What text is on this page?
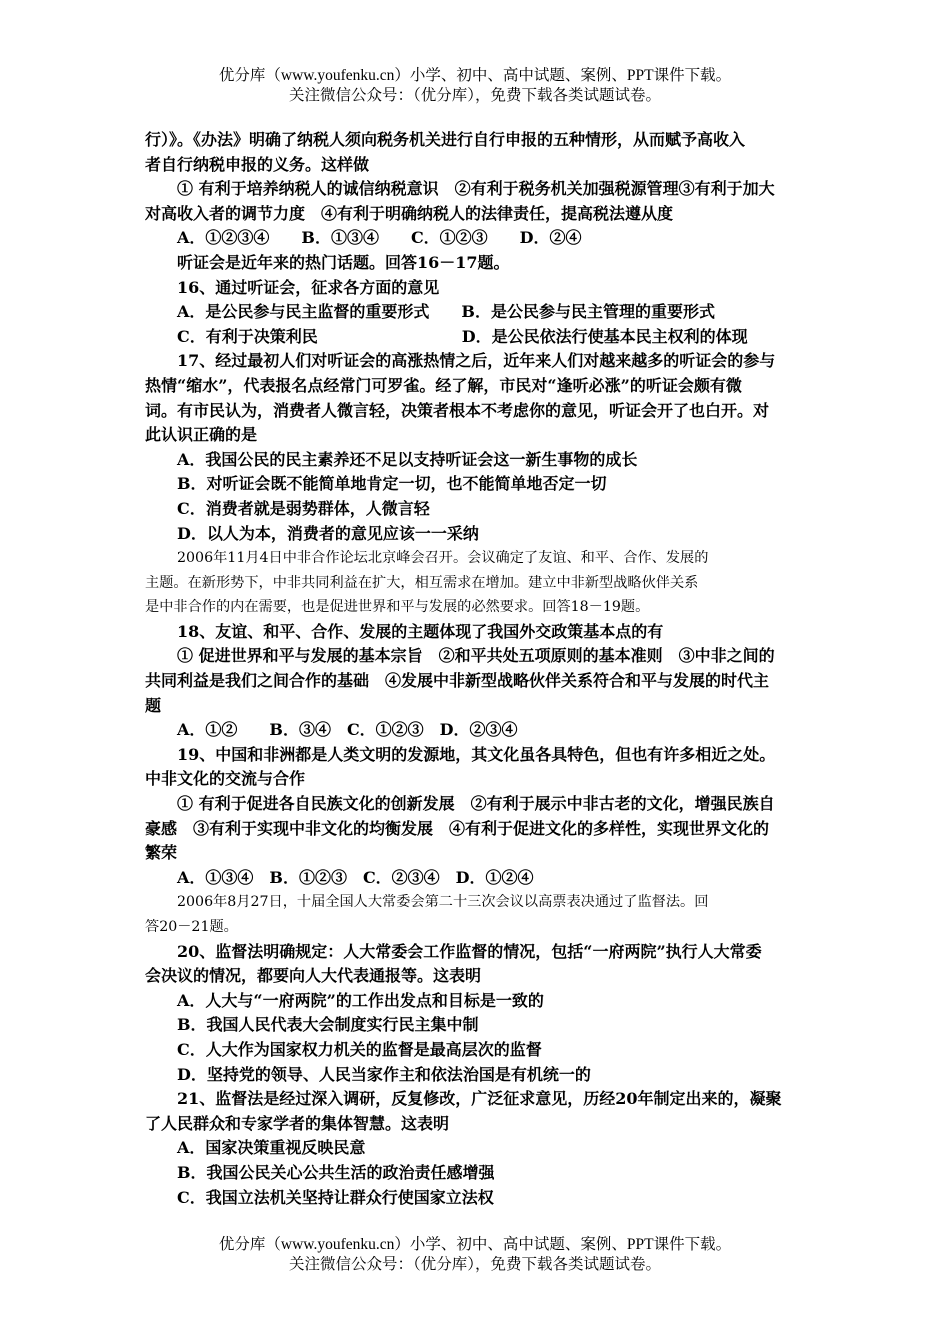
优分库（www.youfenku.cn）小学、初中、高中试题、案例、PPT课件下载。
关注微信公众号：（优分库），免费下载各类试题试卷。
行）》。《办法》明确了纳税人须向税务机关进行自行申报的五种情形，从而赋予高收入
者自行纳税申报的义务。这样做
① 有利于培养纳税人的诚信纳税意识　②有利于税务机关加强税源管理③有利于加大
对高收入者的调节力度　④有利于明确纳税人的法律责任，提高税法遵从度
A．①②③④　　B．①③④　　C．①②③　　D．②④
听证会是近年来的热门话题。回答16－17题。
16、通过听证会，征求各方面的意见
A．是公民参与民主监督的重要形式　　B．是公民参与民主管理的重要形式
C．有利于决策利民　　　　　　　　　D．是公民依法行使基本民主权利的体现
17、经过最初人们对听证会的高涨热情之后，近年来人们对越来越多的听证会的参与
热情“缩水”，代表报名点经常门可罗雀。经了解，市民对“逢听必涨”的听证会颇有微
词。有市民认为，消费者人微言轻，决策者根本不考虑你的意见，听证会开了也白开。对
此认识正确的是
A．我国公民的民主素养还不足以支持听证会这一新生事物的成长
B．对听证会既不能简单地肯定一切，也不能简单地否定一切
C．消费者就是弱势群体，人微言轻
D．以人为本，消费者的意见应该一一采纳
2006年11月4日中非合作论坛北京峰会召开。会议确定了友谊、和平、合作、发展的
主题。在新形势下，中非共同利益在扩大，相互需求在增加。建立中非新型战略伙伴关系
是中非合作的内在需要，也是促进世界和平与发展的必然要求。回答18－19题。
18、友谊、和平、合作、发展的主题体现了我国外交政策基本点的有
① 促进世界和平与发展的基本宗旨　②和平共处五项原则的基本准则　③中非之间的
共同利益是我们之间合作的基础　④发展中非新型战略伙伴关系符合和平与发展的时代主
题
A．①②　　B．③④　C．①②③　D．②③④
19、中国和非洲都是人类文明的发源地，其文化虽各具特色，但也有许多相近之处。
中非文化的交流与合作
① 有利于促进各自民族文化的创新发展　②有利于展示中非古老的文化，增强民族自
豪感　③有利于实现中非文化的均衡发展　④有利于促进文化的多样性，实现世界文化的
繁荣
A．①③④　B．①②③　C．②③④　D．①②④
2006年8月27日，十届全国人大常委会第二十三次会议以高票表决通过了监督法。回
答20－21题。
20、监督法明确规定：人大常委会工作监督的情况，包括“一府两院”执行人大常委
会决议的情况，都要向人大代表通报等。这表明
A．人大与“一府两院”的工作出发点和目标是一致的
B．我国人民代表大会制度实行民主集中制
C．人大作为国家权力机关的监督是最高层次的监督
D．坚持党的领导、人民当家作主和依法治国是有机统一的
21、监督法是经过深入调研，反复修改，广泛征求意见，历经20年制定出来的，凝聚
了人民群众和专家学者的集体智慧。这表明
A．国家决策重视反映民意
B．我国公民关心公共生活的政治责任感增强
C．我国立法机关坚持让群众行使国家立法权
优分库（www.youfenku.cn）小学、初中、高中试题、案例、PPT课件下载。
关注微信公众号：（优分库），免费下载各类试题试卷。
